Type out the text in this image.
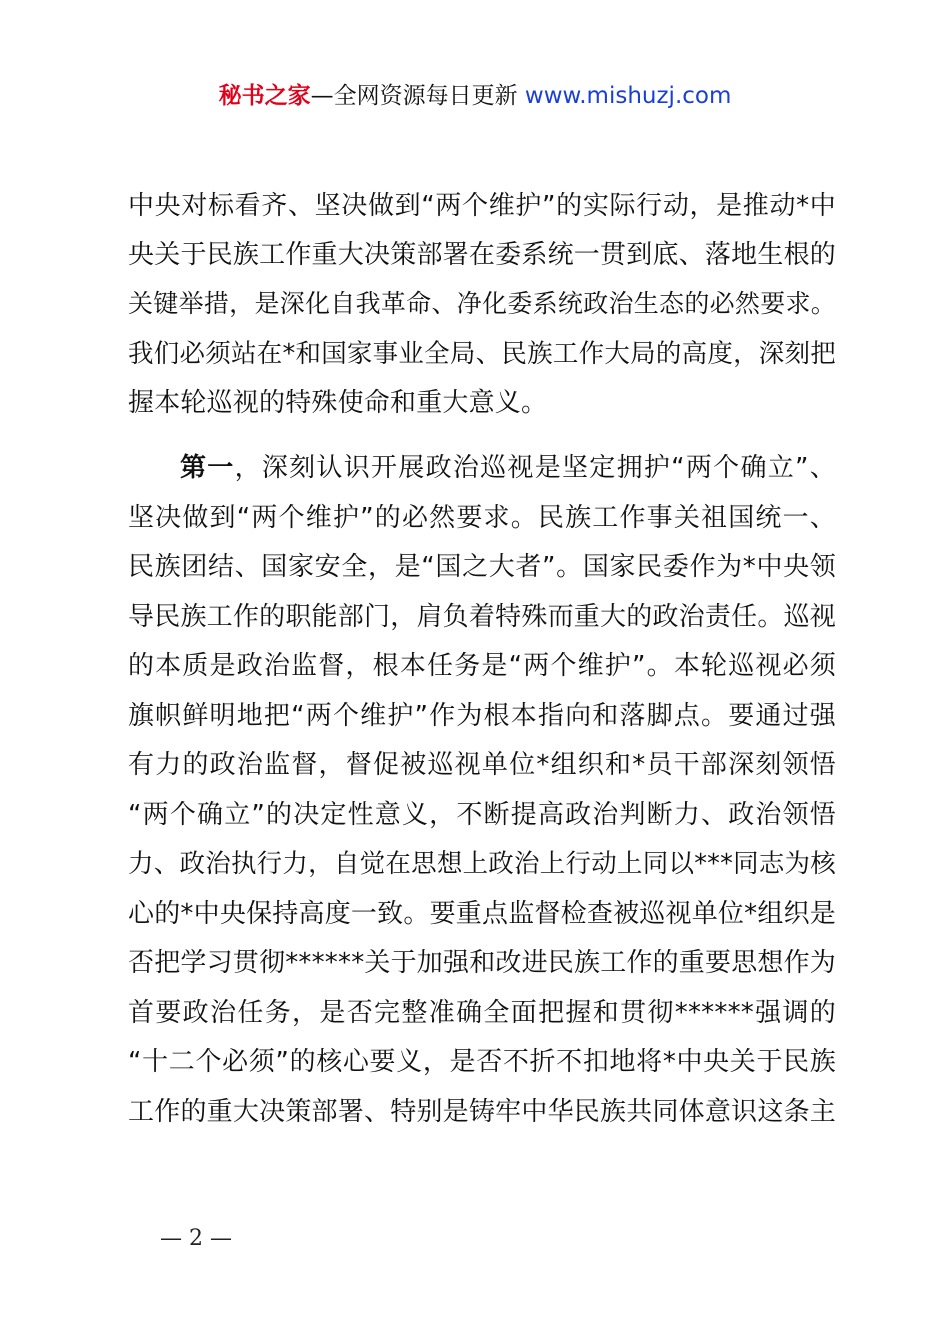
秘书之家—全网资源每日更新 www.mishuzj.com
中央对标看齐、坚决做到“两个维护”的实际行动，是推动*中
央关于民族工作重大决策部署在委系统一贯到底、落地生根的
关键举措，是深化自我革命、净化委系统政治生态的必然要求。
我们必须站在*和国家事业全局、民族工作大局的高度，深刻把
握本轮巡视的特殊使命和重大意义。
第一，深刻认识开展政治巡视是坚定拥护“两个确立”、
坚决做到“两个维护”的必然要求。民族工作事关祖国统一、
民族团结、国家安全，是“国之大者”。国家民委作为*中央领
导民族工作的职能部门，肩负着特殊而重大的政治责任。巡视
的本质是政治监督，根本任务是“两个维护”。本轮巡视必须
旗帜鲜明地把“两个维护”作为根本指向和落脚点。要通过强
有力的政治监督，督促被巡视单位*组织和*员干部深刻领悟
“两个确立”的决定性意义，不断提高政治判断力、政治领悟
力、政治执行力，自觉在思想上政治上行动上同以***同志为核
心的*中央保持高度一致。要重点监督检查被巡视单位*组织是
否把学习贯彻******关于加强和改进民族工作的重要思想作为
首要政治任务，是否完整准确全面把握和贯彻******强调的
“十二个必须”的核心要义，是否不折不扣地将*中央关于民族
工作的重大决策部署、特别是铸牢中华民族共同体意识这条主
— 2 —
